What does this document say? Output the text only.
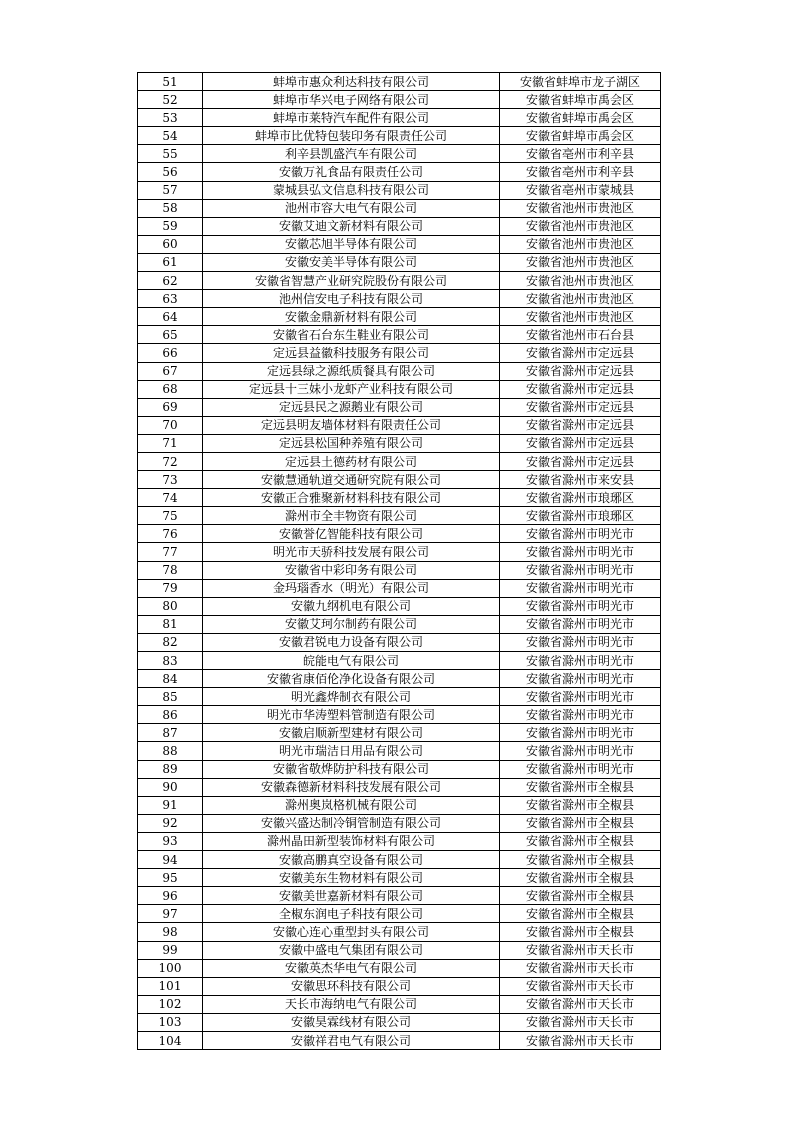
51	蚌埠市惠众利达科技有限公司	安徽省蚌埠市龙子湖区
52	蚌埠市华兴电子网络有限公司	安徽省蚌埠市禹会区
53	蚌埠市莱特汽车配件有限公司	安徽省蚌埠市禹会区
54	蚌埠市比优特包装印务有限责任公司	安徽省蚌埠市禹会区
55	利辛县凯盛汽车有限公司	安徽省亳州市利辛县
56	安徽万礼食品有限责任公司	安徽省亳州市利辛县
57	蒙城县弘文信息科技有限公司	安徽省亳州市蒙城县
58	池州市容大电气有限公司	安徽省池州市贵池区
59	安徽艾迪文新材料有限公司	安徽省池州市贵池区
60	安徽芯旭半导体有限公司	安徽省池州市贵池区
61	安徽安美半导体有限公司	安徽省池州市贵池区
62	安徽省智慧产业研究院股份有限公司	安徽省池州市贵池区
63	池州信安电子科技有限公司	安徽省池州市贵池区
64	安徽金鼎新材料有限公司	安徽省池州市贵池区
65	安徽省石台东生鞋业有限公司	安徽省池州市石台县
66	定远县益徽科技服务有限公司	安徽省滁州市定远县
67	定远县绿之源纸质餐具有限公司	安徽省滁州市定远县
68	定远县十三妹小龙虾产业科技有限公司	安徽省滁州市定远县
69	定远县民之源鹅业有限公司	安徽省滁州市定远县
70	定远县明友墙体材料有限责任公司	安徽省滁州市定远县
71	定远县松国种养殖有限公司	安徽省滁州市定远县
72	定远县土德药材有限公司	安徽省滁州市定远县
73	安徽慧通轨道交通研究院有限公司	安徽省滁州市来安县
74	安徽正合雅聚新材料科技有限公司	安徽省滁州市琅琊区
75	滁州市全丰物资有限公司	安徽省滁州市琅琊区
76	安徽誉亿智能科技有限公司	安徽省滁州市明光市
77	明光市天骄科技发展有限公司	安徽省滁州市明光市
78	安徽省中彩印务有限公司	安徽省滁州市明光市
79	金玛瑙香水（明光）有限公司	安徽省滁州市明光市
80	安徽九纲机电有限公司	安徽省滁州市明光市
81	安徽艾珂尔制药有限公司	安徽省滁州市明光市
82	安徽君锐电力设备有限公司	安徽省滁州市明光市
83	皖能电气有限公司	安徽省滁州市明光市
84	安徽省康佰伦净化设备有限公司	安徽省滁州市明光市
85	明光鑫烨制衣有限公司	安徽省滁州市明光市
86	明光市华涛塑料管制造有限公司	安徽省滁州市明光市
87	安徽启顺新型建材有限公司	安徽省滁州市明光市
88	明光市瑞洁日用品有限公司	安徽省滁州市明光市
89	安徽省敬烨防护科技有限公司	安徽省滁州市明光市
90	安徽森德新材料科技发展有限公司	安徽省滁州市全椒县
91	滁州奥岚格机械有限公司	安徽省滁州市全椒县
92	安徽兴盛达制冷铜管制造有限公司	安徽省滁州市全椒县
93	滁州晶田新型装饰材料有限公司	安徽省滁州市全椒县
94	安徽高鹏真空设备有限公司	安徽省滁州市全椒县
95	安徽美东生物材料有限公司	安徽省滁州市全椒县
96	安徽美世嘉新材料有限公司	安徽省滁州市全椒县
97	全椒东润电子科技有限公司	安徽省滁州市全椒县
98	安徽心连心重型封头有限公司	安徽省滁州市全椒县
99	安徽中盛电气集团有限公司	安徽省滁州市天长市
100	安徽英杰华电气有限公司	安徽省滁州市天长市
101	安徽思环科技有限公司	安徽省滁州市天长市
102	天长市海纳电气有限公司	安徽省滁州市天长市
103	安徽昊霖线材有限公司	安徽省滁州市天长市
104	安徽祥君电气有限公司	安徽省滁州市天长市
